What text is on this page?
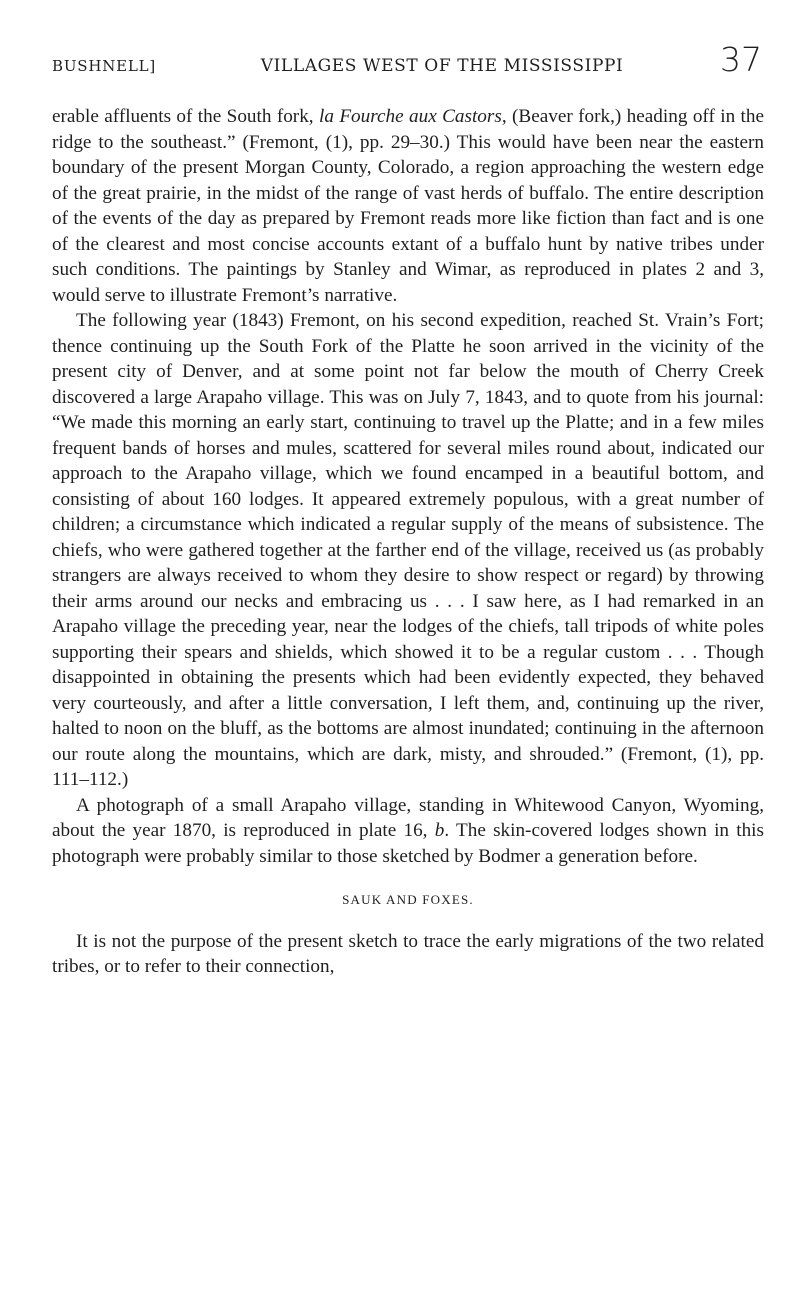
BUSHNELL]	VILLAGES WEST OF THE MISSISSIPPI	37

erable affluents of the South fork, la Fourche aux Castors, (Beaver fork,) heading off in the ridge to the southeast.” (Fremont, (1), pp. 29–30.) This would have been near the eastern boundary of the present Morgan County, Colorado, a region approaching the western edge of the great prairie, in the midst of the range of vast herds of buffalo. The entire description of the events of the day as prepared by Fremont reads more like fiction than fact and is one of the clearest and most concise accounts extant of a buffalo hunt by native tribes under such conditions. The paintings by Stanley and Wimar, as reproduced in plates 2 and 3, would serve to illustrate Fremont’s narrative.

The following year (1843) Fremont, on his second expedition, reached St. Vrain’s Fort; thence continuing up the South Fork of the Platte he soon arrived in the vicinity of the present city of Denver, and at some point not far below the mouth of Cherry Creek discovered a large Arapaho village. This was on July 7, 1843, and to quote from his journal: “We made this morning an early start, continuing to travel up the Platte; and in a few miles frequent bands of horses and mules, scattered for several miles round about, indicated our approach to the Arapaho village, which we found encamped in a beautiful bottom, and consisting of about 160 lodges. It appeared extremely populous, with a great number of children; a circumstance which indicated a regular supply of the means of subsistence. The chiefs, who were gathered together at the farther end of the village, received us (as probably strangers are always received to whom they desire to show respect or regard) by throwing their arms around our necks and embracing us . . . I saw here, as I had remarked in an Arapaho village the preceding year, near the lodges of the chiefs, tall tripods of white poles supporting their spears and shields, which showed it to be a regular custom . . . Though disappointed in obtaining the presents which had been evidently expected, they behaved very courteously, and after a little conversation, I left them, and, continuing up the river, halted to noon on the bluff, as the bottoms are almost inundated; continuing in the afternoon our route along the mountains, which are dark, misty, and shrouded.” (Fremont, (1), pp. 111–112.)

A photograph of a small Arapaho village, standing in Whitewood Canyon, Wyoming, about the year 1870, is reproduced in plate 16, b. The skin-covered lodges shown in this photograph were probably similar to those sketched by Bodmer a generation before.

SAUK AND FOXES.

It is not the purpose of the present sketch to trace the early migrations of the two related tribes, or to refer to their connection,
